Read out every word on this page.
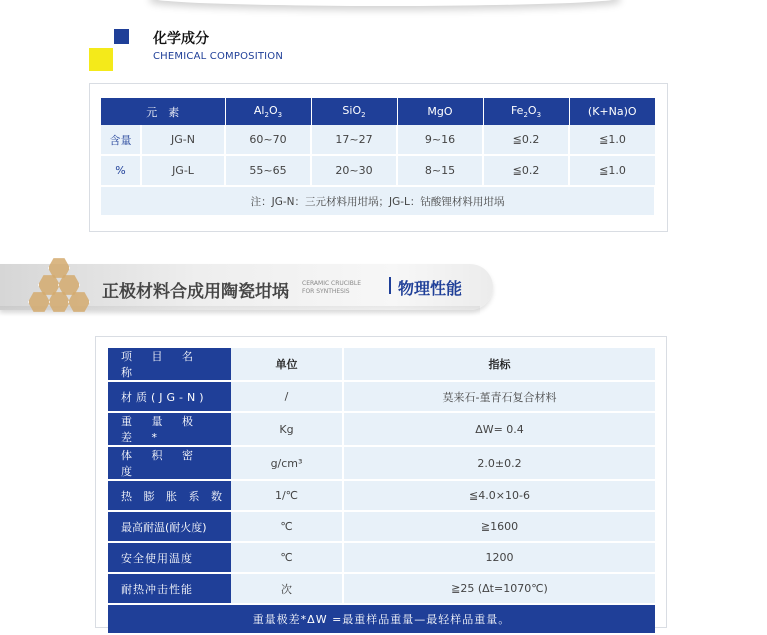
化学成分
CHEMICAL COMPOSITION
元　素		$Al_2O_3$	SiO$_2$	MgO	$Fe_2O_3$	(K+Na)O
含量	JG-N	60~70	17~27	9~16	≦0.2	≦1.0
%	JG-L	55~65	20~30	8~15	≦0.2	≦1.0
注：JG-N：三元材料用坩埚；JG-L：钴酸锂材料用坩埚						
正极材料合成用陶瓷坩埚 CERAMIC CRUCIBLE
FOR SYNTHESIS	物理性能
项 目 名 称	单位	指标
材质(JG-N)	/	莫来石-堇青石复合材料
重 量 极 差 *	Kg	ΔW= 0.4
体 积 密 度	g/cm³	2.0±0.2
热 膨 胀 系 数	1/℃	≦4.0×10-6
最高耐温(耐火度)	℃	≧1600
安全使用温度	℃	1200
耐热冲击性能	次	≧25 (Δt=1070℃)
重量极差*ΔW =最重样品重量—最轻样品重量。		
